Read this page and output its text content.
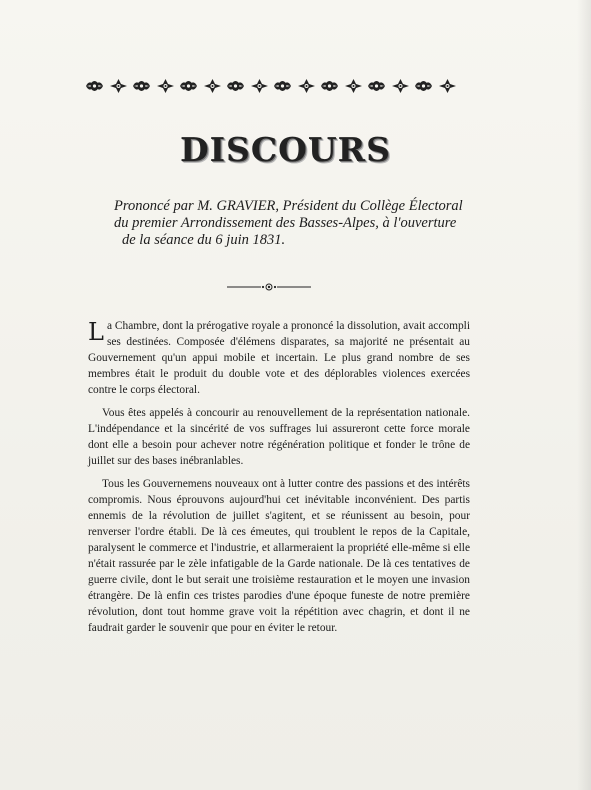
DISCOURS
Prononcé par M. GRAVIER, Président du Collège Électoral
du premier Arrondissement des Basses-Alpes, à l'ouverture
de la séance du 6 juin 1831.

La Chambre, dont la prérogative royale a prononcé la dissolution, avait accompli ses destinées. Composée d'élémens disparates, sa majorité ne présentait au Gouvernement qu'un appui mobile et incertain. Le plus grand nombre de ses membres était le produit du double vote et des déplorables violences exercées contre le corps électoral.

Vous êtes appelés à concourir au renouvellement de la représentation nationale. L'indépendance et la sincérité de vos suffrages lui assureront cette force morale dont elle a besoin pour achever notre régénération politique et fonder le trône de juillet sur des bases inébranlables.

Tous les Gouvernemens nouveaux ont à lutter contre des passions et des intérêts compromis. Nous éprouvons aujourd'hui cet inévitable inconvénient. Des partis ennemis de la révolution de juillet s'agitent, et se réunissent au besoin, pour renverser l'ordre établi. De là ces émeutes, qui troublent le repos de la Capitale, paralysent le commerce et l'industrie, et allarmeraient la propriété elle-même si elle n'était rassurée par le zèle infatigable de la Garde nationale. De là ces tentatives de guerre civile, dont le but serait une troisième restauration et le moyen une invasion étrangère. De là enfin ces tristes parodies d'une époque funeste de notre première révolution, dont tout homme grave voit la répétition avec chagrin, et dont il ne faudrait garder le souvenir que pour en éviter le retour.
